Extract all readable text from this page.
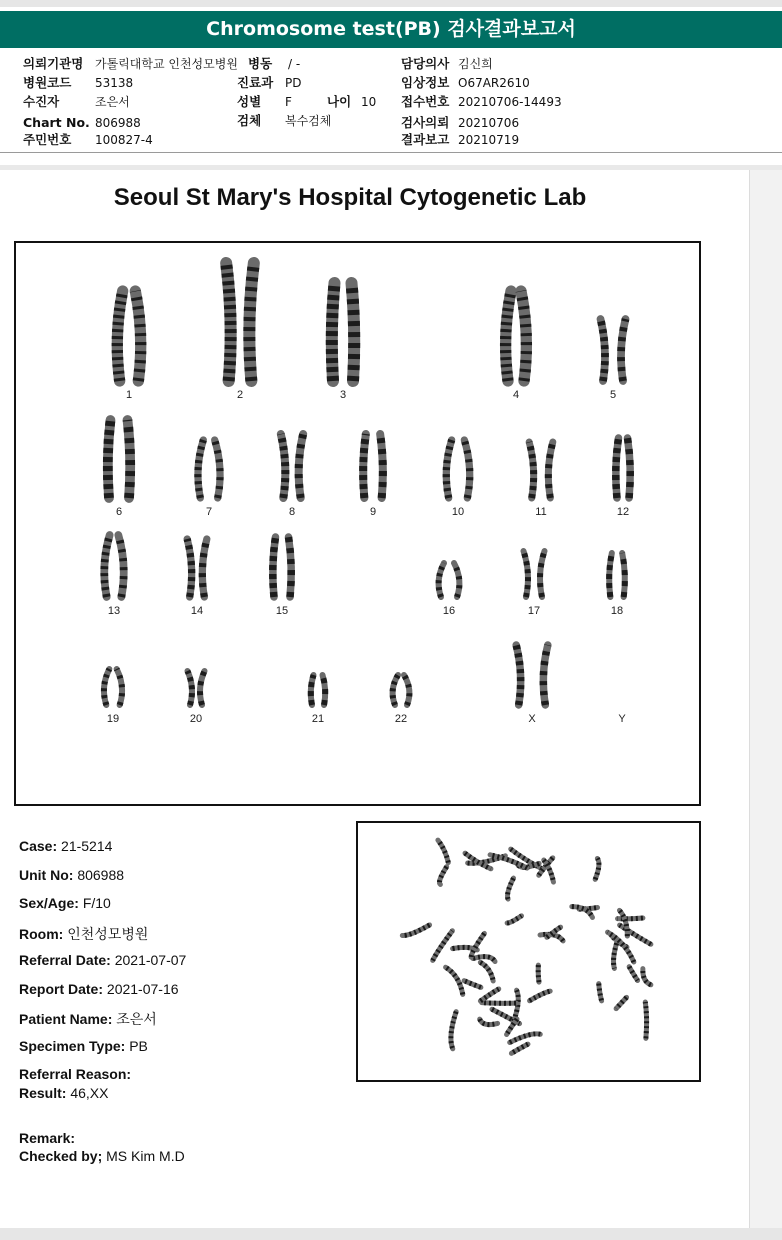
Chromosome test(PB) 검사결과보고서
의뢰기관명 가톨릭대학교 인천성모병원 병동 / -	담당의사 김신희
병원코드 53138	진료과 PD	임상정보 O67AR2610
수진자	조은서	성별 F	나이 10 접수번호 20210706-14493
Chart No. 806988	검체 복수검체	검사의뢰 20210706
주민번호 100827-4	결과보고 20210719
Seoul St Mary's Hospital Cytogenetic Lab
1	2	3	4	5
6	7	8	9	10	11	12
13	14	15	16	17	18
19	20	21	22	X	Y
Case: 21-5214
Unit No: 806988
Sex/Age: F/10
Room: 인천성모병원
Referral Date: 2021-07-07
Report Date: 2021-07-16
Patient Name: 조은서
Specimen Type: PB
Referral Reason:
Result: 46,XX
Remark:
Checked by; MS Kim M.D
